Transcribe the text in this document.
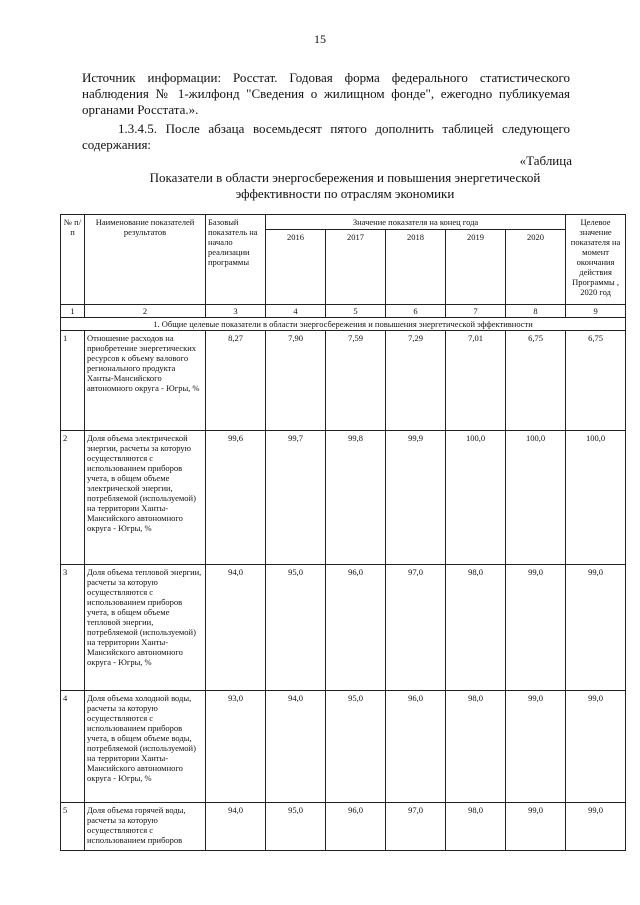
15

Источник информации: Росстат. Годовая форма федерального статистического наблюдения № 1-жилфонд "Сведения о жилищном фонде", ежегодно публикуемая органами Росстата.».

1.3.4.5. После абзаца восемьдесят пятого дополнить таблицей следующего содержания:

«Таблица
Показатели в области энергосбережения и повышения энергетической эффективности по отраслям экономики
№ п/п	Наименование показателей результатов	Базовый показатель на начало реализации программы	Значение показателя на конец года					Целевое значение показателя на момент окончания действия Программы , 2020 год
			2016	2017	2018	2019	2020	
1	2	3	4	5	6	7	8	9
1. Общие целевые показатели в области энергосбережения и повышения энергетической эффективности								
1	Отношение расходов на приобретение энергетических ресурсов к объему валового регионального продукта Ханты-Мансийского автономного округа - Югры, %	8,27	7,90	7,59	7,29	7,01	6,75	6,75
2	Доля объема электрической энергии, расчеты за которую осуществляются с использованием приборов учета, в общем объеме электрической энергии, потребляемой (используемой) на территории Ханты-Мансийского автономного округа - Югры, %	99,6	99,7	99,8	99,9	100,0	100,0	100,0
3	Доля объема тепловой энергии, расчеты за которую осуществляются с использованием приборов учета, в общем объеме тепловой энергии, потребляемой (используемой) на территории Ханты-Мансийского автономного округа - Югры, %	94,0	95,0	96,0	97,0	98,0	99,0	99,0
4	Доля объема холодной воды, расчеты за которую осуществляются с использованием приборов учета, в общем объеме воды, потребляемой (используемой) на территории Ханты-Мансийского автономного округа - Югры, %	93,0	94,0	95,0	96,0	98,0	99,0	99,0
5	Доля объема горячей воды, расчеты за которую осуществляются с использованием приборов	94,0	95,0	96,0	97,0	98,0	99,0	99,0
